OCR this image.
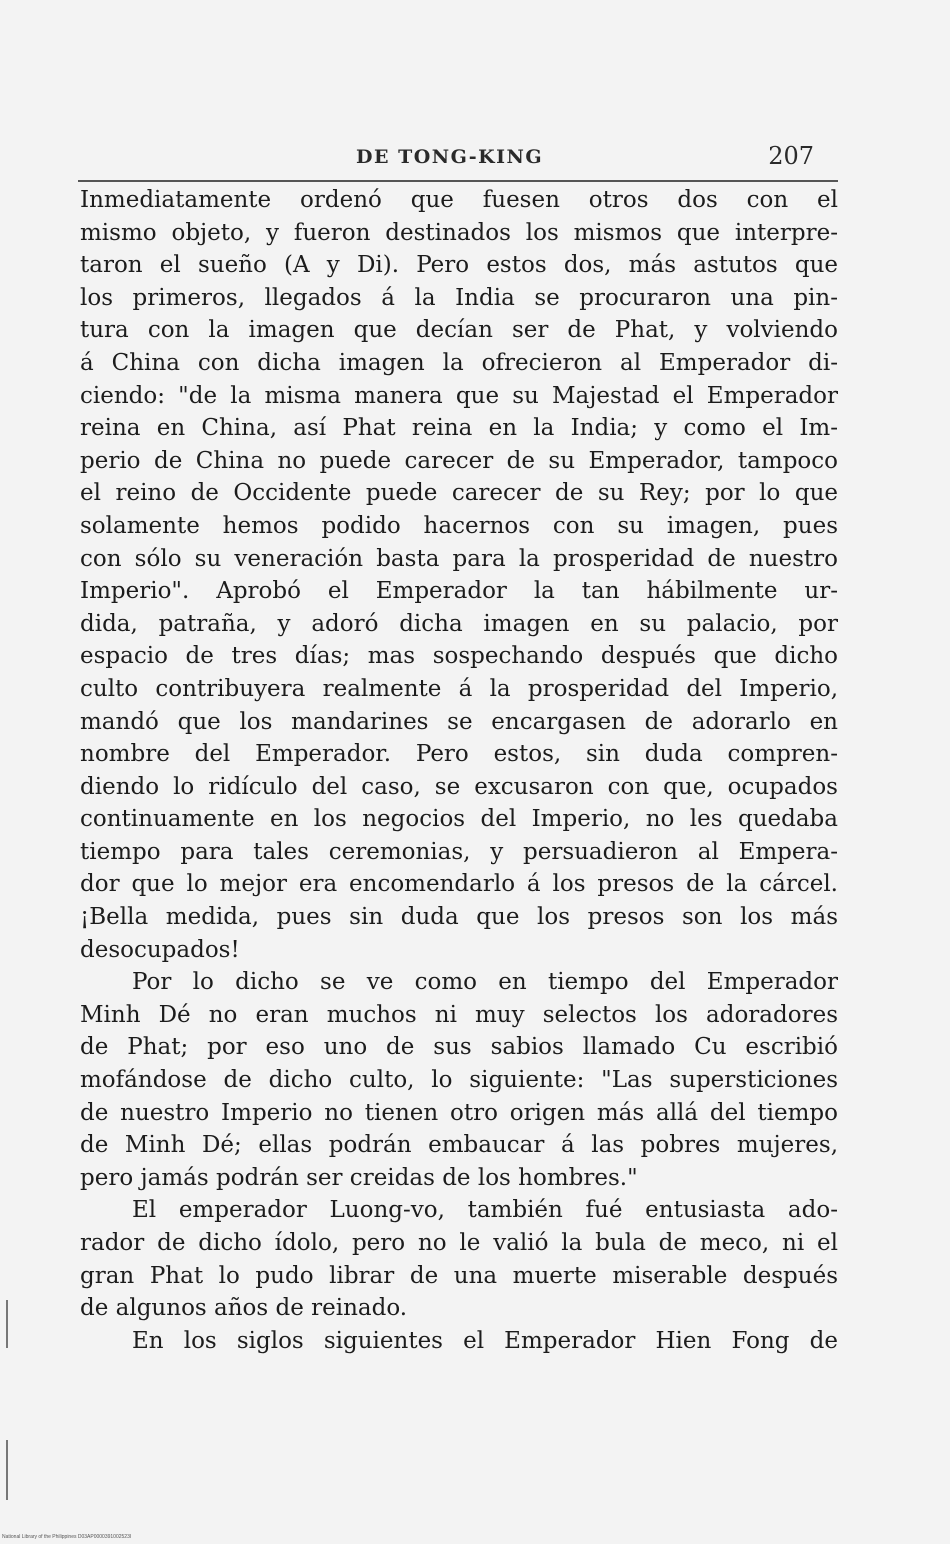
DE TONG-KING	207
Inmediatamente ordenó que fuesen otros dos con el
mismo objeto, y fueron destinados los mismos que interpre-
taron el sueño (A y Di). Pero estos dos, más astutos que
los primeros, llegados á la India se procuraron una pin-
tura con la imagen que decían ser de Phat, y volviendo
á China con dicha imagen la ofrecieron al Emperador di-
ciendo: "de la misma manera que su Majestad el Emperador
reina en China, así Phat reina en la India; y como el Im-
perio de China no puede carecer de su Emperador, tampoco
el reino de Occidente puede carecer de su Rey; por lo que
solamente hemos podido hacernos con su imagen, pues
con sólo su veneración basta para la prosperidad de nuestro
Imperio". Aprobó el Emperador la tan hábilmente ur-
dida, patraña, y adoró dicha imagen en su palacio, por
espacio de tres días; mas sospechando después que dicho
culto contribuyera realmente á la prosperidad del Imperio,
mandó que los mandarines se encargasen de adorarlo en
nombre del Emperador. Pero estos, sin duda compren-
diendo lo ridículo del caso, se excusaron con que, ocupados
continuamente en los negocios del Imperio, no les quedaba
tiempo para tales ceremonias, y persuadieron al Empera-
dor que lo mejor era encomendarlo á los presos de la cárcel.
¡Bella medida, pues sin duda que los presos son los más
desocupados!
Por lo dicho se ve como en tiempo del Emperador
Minh Dé no eran muchos ni muy selectos los adoradores
de Phat; por eso uno de sus sabios llamado Cu escribió
mofándose de dicho culto, lo siguiente: "Las supersticiones
de nuestro Imperio no tienen otro origen más allá del tiempo
de Minh Dé; ellas podrán embaucar á las pobres mujeres,
pero jamás podrán ser creidas de los hombres."
El emperador Luong-vo, también fué entusiasta ado-
rador de dicho ídolo, pero no le valió la bula de meco, ni el
gran Phat lo pudo librar de una muerte miserable después
de algunos años de reinado.
En los siglos siguientes el Emperador Hien Fong de
National Library of the Philippines D03AP0000391002523I
